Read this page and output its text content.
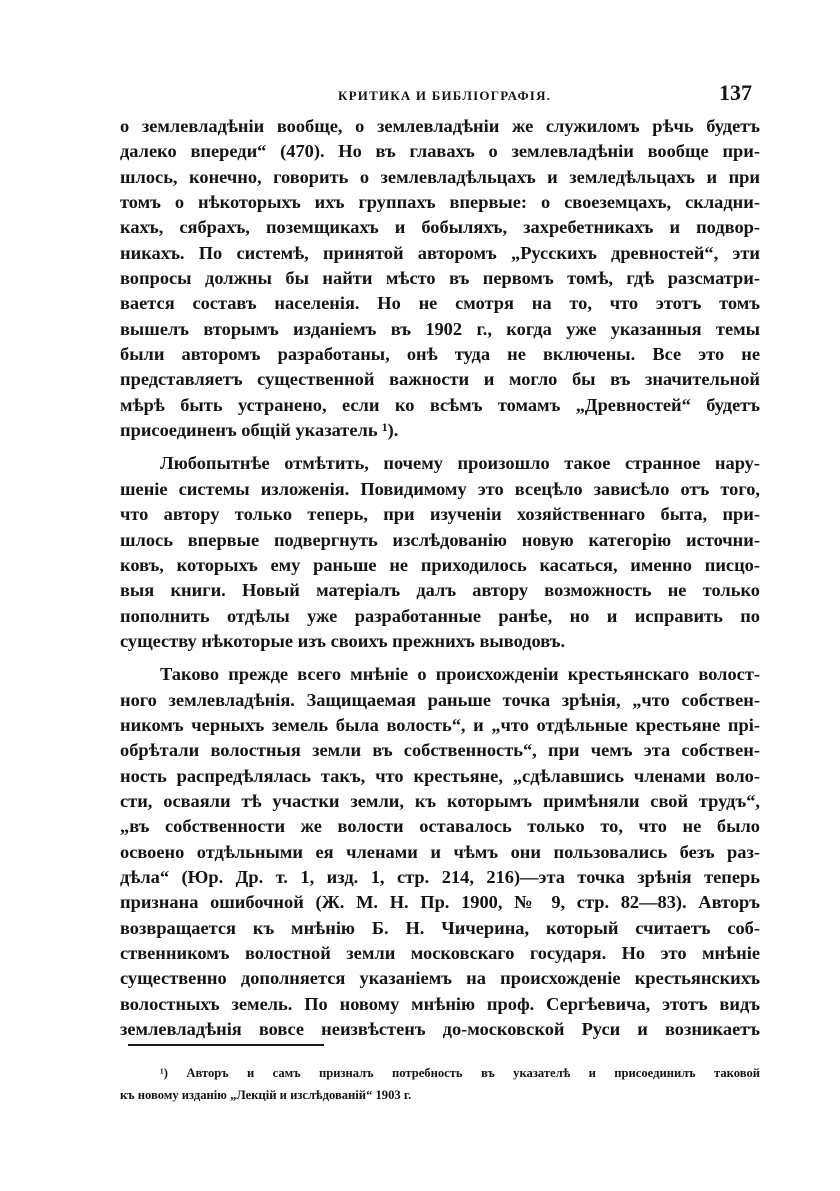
КРИТИКА И БИБЛІОГРАФІЯ.	137

о землевладѣніи вообще, о землевладѣніи же служиломъ рѣчь будетъ
далеко впереди“ (470). Но въ главахъ о землевладѣніи вообще при-
шлось, конечно, говорить о землевладѣльцахъ и земледѣльцахъ и при
томъ о нѣкоторыхъ ихъ группахъ впервые: о своеземцахъ, складни-
кахъ, сябрахъ, поземщикахъ и бобыляхъ, захребетникахъ и подвор-
никахъ. По системѣ, принятой авторомъ „Русскихъ древностей“, эти
вопросы должны бы найти мѣсто въ первомъ томѣ, гдѣ разсматри-
вается составъ населенія. Но не смотря на то, что этотъ томъ
вышелъ вторымъ изданіемъ въ 1902 г., когда уже указанныя темы
были авторомъ разработаны, онѣ туда не включены. Все это не
представляетъ существенной важности и могло бы въ значительной
мѣрѣ быть устранено, если ко всѣмъ томамъ „Древностей“ будетъ
присоединенъ общій указатель ¹).

Любопытнѣе отмѣтить, почему произошло такое странное нару-
шеніе системы изложенія. Повидимому это всецѣло зависѣло отъ того,
что автору только теперь, при изученіи хозяйственнаго быта, при-
шлось впервые подвергнуть изслѣдованію новую категорію источни-
ковъ, которыхъ ему раньше не приходилось касаться, именно писцо-
выя книги. Новый матеріалъ далъ автору возможность не только
пополнить отдѣлы уже разработанные ранѣе, но и исправить по
существу нѣкоторые изъ своихъ прежнихъ выводовъ.

Таково прежде всего мнѣніе о происхожденіи крестьянскаго волост-
ного землевладѣнія. Защищаемая раньше точка зрѣнія, „что собствен-
никомъ черныхъ земель была волость“, и „что отдѣльные крестьяне прі-
обрѣтали волостныя земли въ собственность“, при чемъ эта собствен-
ность распредѣлялась такъ, что крестьяне, „сдѣлавшись членами воло-
сти, осваяли тѣ участки земли, къ которымъ примѣняли свой трудъ“,
„въ собственности же волости оставалось только то, что не было
освоено отдѣльными ея членами и чѣмъ они пользовались безъ раз-
дѣла“ (Юр. Др. т. 1, изд. 1, стр. 214, 216)—эта точка зрѣнія теперь
признана ошибочной (Ж. М. Н. Пр. 1900, № 9, стр. 82—83). Авторъ
возвращается къ мнѣнію Б. Н. Чичерина, который считаетъ соб-
ственникомъ волостной земли московскаго государя. Но это мнѣніе
существенно дополняется указаніемъ на происхожденіе крестьянскихъ
волостныхъ земель. По новому мнѣнію проф. Сергѣевича, этотъ видъ
землевладѣнія вовсе неизвѣстенъ до-московской Руси и возникаетъ

¹) Авторъ и самъ призналъ потребность въ указателѣ и присоединилъ таковой
къ новому изданію „Лекцій и изслѣдованій“ 1903 г.
